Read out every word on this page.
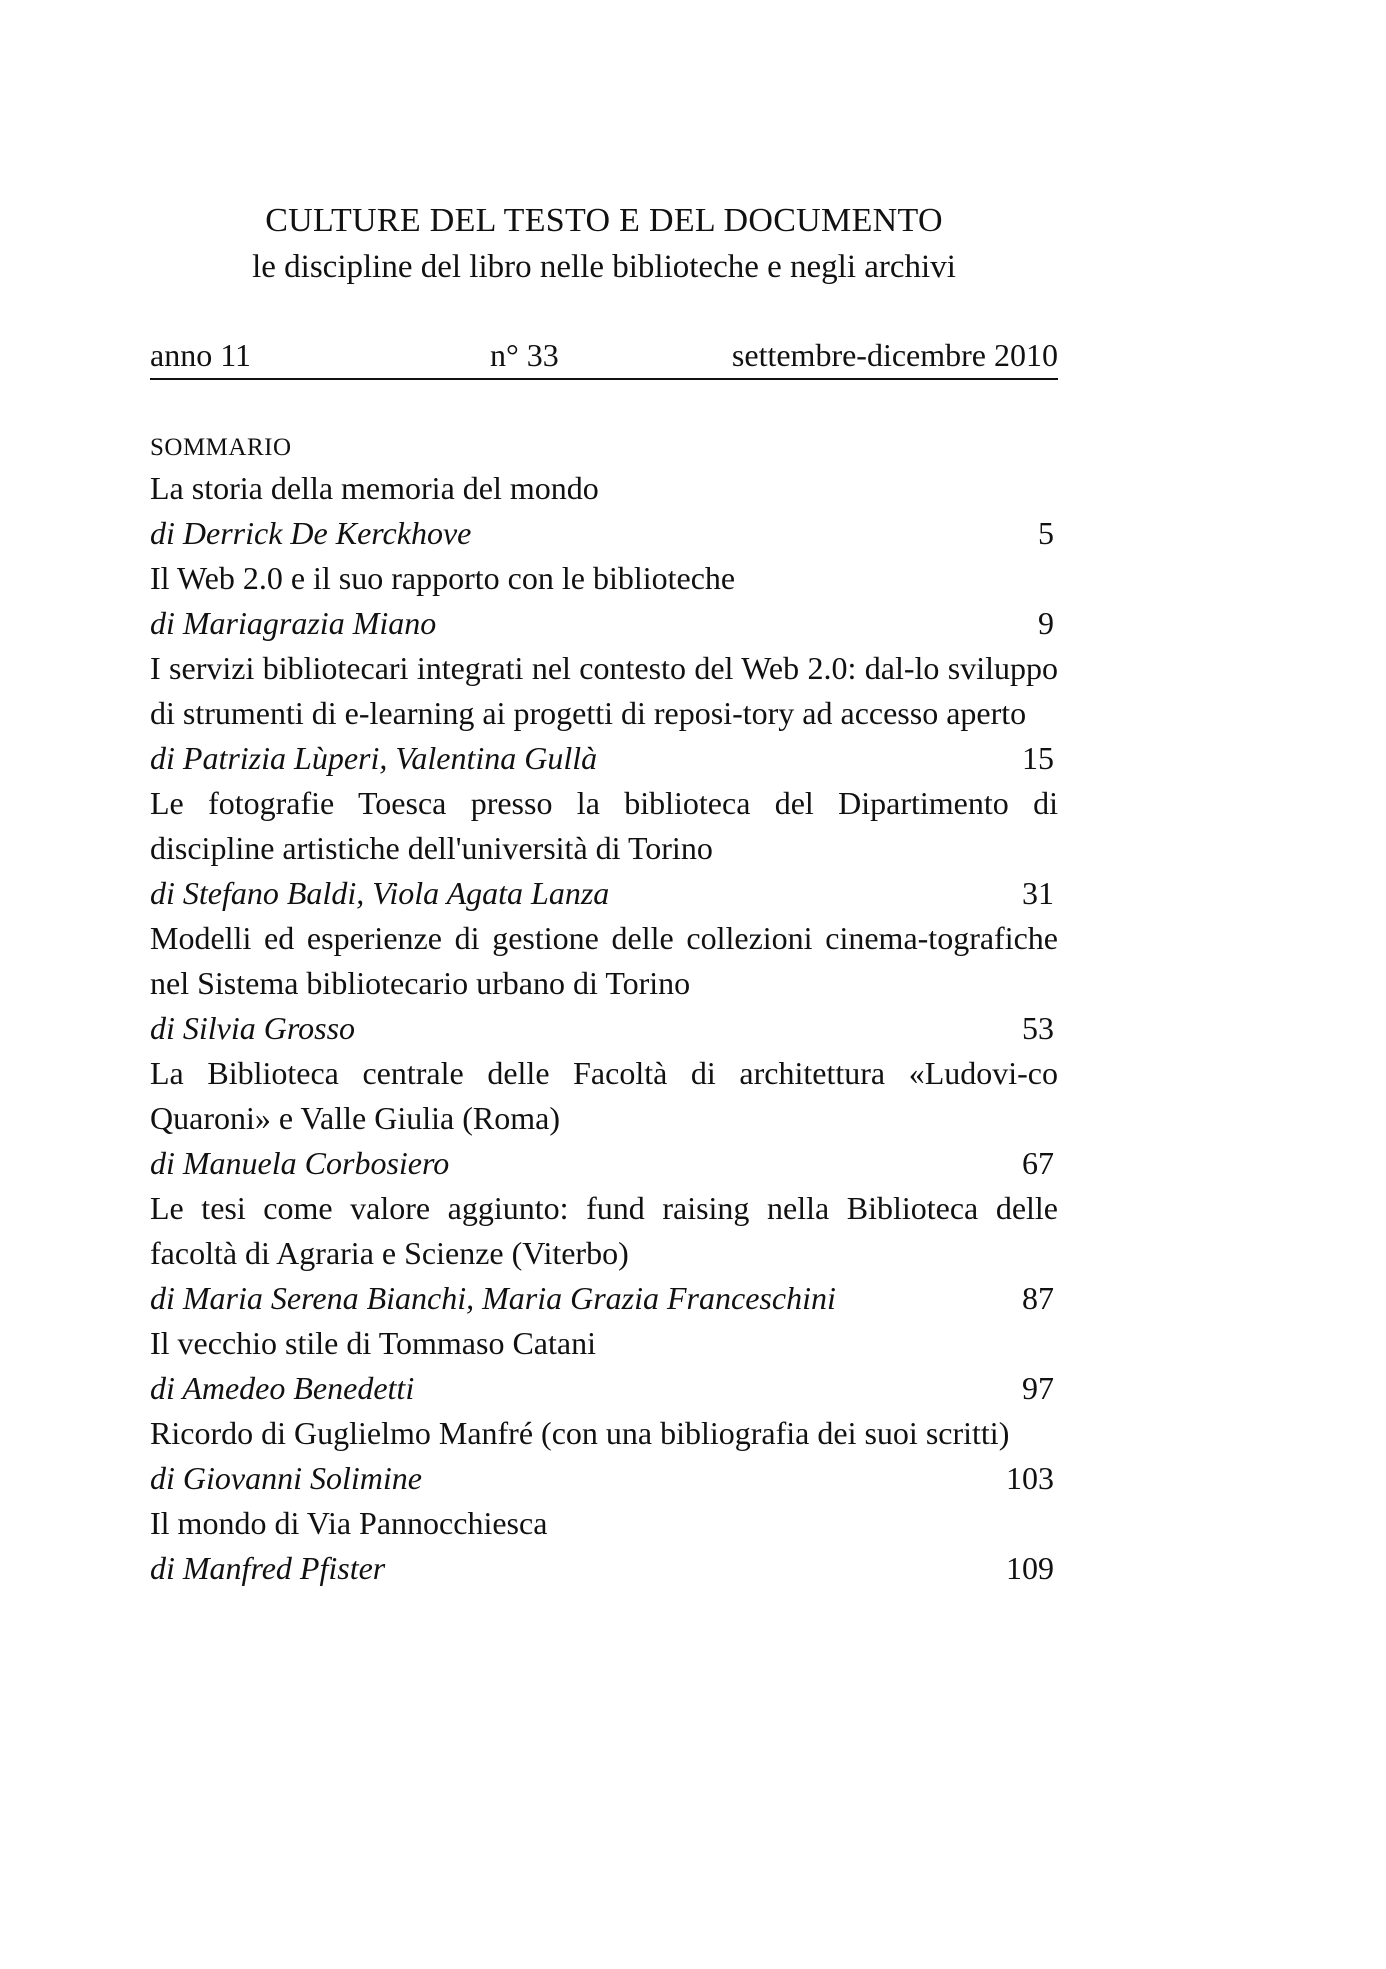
CULTURE DEL TESTO E DEL DOCUMENTO
le discipline del libro nelle biblioteche e negli archivi
anno 11	n° 33	settembre-dicembre 2010
SOMMARIO
La storia della memoria del mondo
di Derrick De Kerckhove	5
Il Web 2.0 e il suo rapporto con le biblioteche
di Mariagrazia Miano	9
I servizi bibliotecari integrati nel contesto del Web 2.0: dal-lo sviluppo di strumenti di e-learning ai progetti di reposi-tory ad accesso aperto
di Patrizia Lùperi, Valentina Gullà	15
Le fotografie Toesca presso la biblioteca del Dipartimento di discipline artistiche dell'università di Torino
di Stefano Baldi, Viola Agata Lanza	31
Modelli ed esperienze di gestione delle collezioni cinema-tografiche nel Sistema bibliotecario urbano di Torino
di Silvia Grosso	53
La Biblioteca centrale delle Facoltà di architettura «Ludovi-co Quaroni» e Valle Giulia (Roma)
di Manuela Corbosiero	67
Le tesi come valore aggiunto: fund raising nella Biblioteca delle facoltà di Agraria e Scienze (Viterbo)
di Maria Serena Bianchi, Maria Grazia Franceschini	87
Il vecchio stile di Tommaso Catani
di Amedeo Benedetti	97
Ricordo di Guglielmo Manfré (con una bibliografia dei suoi scritti)
di Giovanni Solimine	103
Il mondo di Via Pannocchiesca
di Manfred Pfister	109
